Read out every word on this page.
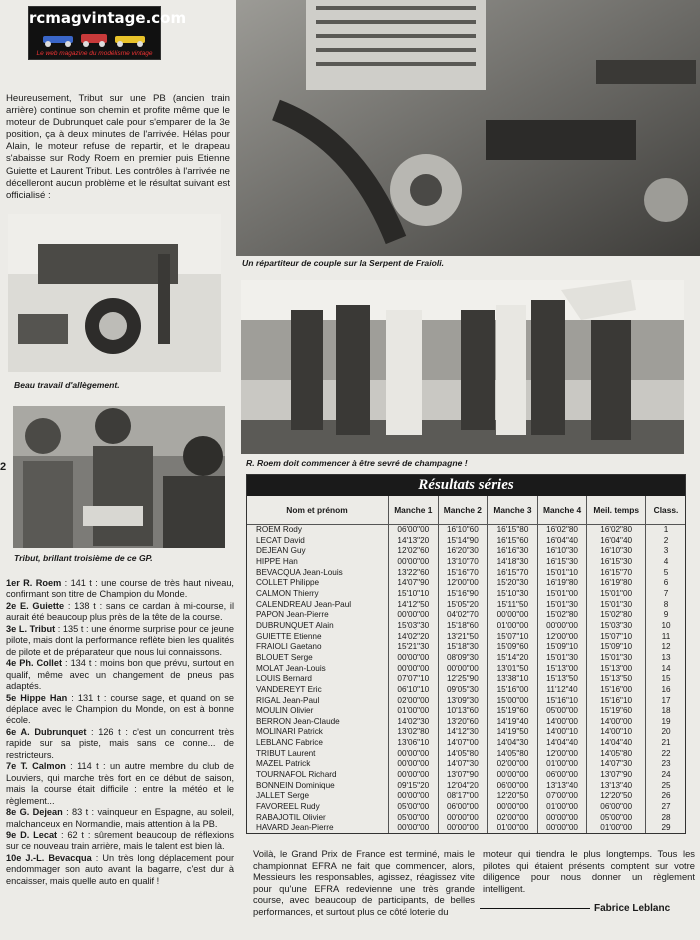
rcmagvintage.com
Le web magazine du modélisme vintage
Heureusement, Tribut sur une PB (ancien train arrière) continue son chemin et profite même que le moteur de Dubrunquet cale pour s'emparer de la 3e position, ça à deux minutes de l'arrivée. Hélas pour Alain, le moteur refuse de repartir, et le drapeau s'abaisse sur Rody Roem en premier puis Etienne Guiette et Laurent Tribut. Les contrôles à l'arrivée ne décelleront aucun problème et le résultat suivant est officialisé :
Un répartiteur de couple sur la Serpent de Fraioli.
Beau travail d'allègement.
R. Roem doit commencer à être sevré de champagne !
Tribut, brillant troisième de ce GP.
2

1er R. Roem : 141 t : une course de très haut niveau, confirmant son titre de Champion du Monde.

2e E. Guiette : 138 t : sans ce cardan à mi-course, il aurait été beaucoup plus près de la tête de la course.

3e L. Tribut : 135 t : une énorme surprise pour ce jeune pilote, mais dont la performance reflète bien les qualités de pilote et de préparateur que nous lui connaissons.

4e Ph. Collet : 134 t : moins bon que prévu, surtout en qualif, même avec un changement de pneus pas adaptés.

5e Hippe Han : 131 t : course sage, et quand on se déplace avec le Champion du Monde, on est à bonne école.

6e A. Dubrunquet : 126 t : c'est un concurrent très rapide sur sa piste, mais sans ce conne... de restricteurs.

7e T. Calmon : 114 t : un autre membre du club de Louviers, qui marche très fort en ce début de saison, mais la course était difficile : entre la météo et le règlement...

8e G. Dejean : 83 t : vainqueur en Espagne, au soleil, malchanceux en Normandie, mais attention à la PB.

9e D. Lecat : 62 t : sûrement beaucoup de réflexions sur ce nouveau train arrière, mais le talent est bien là.

10e J.-L. Bevacqua : Un très long déplacement pour endommager son auto avant la bagarre, c'est dur à encaisser, mais quelle auto en qualif !

Résultats séries
Nom et prénom	Manche 1	Manche 2	Manche 3	Manche 4	Meil. temps	Class.
ROEM Rody	06'00"00	16'10"60	16'15"80	16'02"80	16'02"80	1
LECAT David	14'13"20	15'14"90	16'15"60	16'04"40	16'04"40	2
DEJEAN Guy	12'02"60	16'20"30	16'16"30	16'10"30	16'10"30	3
HIPPE Han	00'00"00	13'10"70	14'18"30	16'15"30	16'15"30	4
BEVACQUA Jean-Louis	13'22"60	15'16"70	16'15"70	15'01"10	16'15"70	5
COLLET Philippe	14'07"90	12'00"00	15'20"30	16'19"80	16'19"80	6
CALMON Thierry	15'10"10	15'16"90	15'10"30	15'01"00	15'01"00	7
CALENDREAU Jean-Paul	14'12"50	15'05"20	15'11"50	15'01"30	15'01"30	8
PAPON Jean-Pierre	00'00"00	04'02"70	00'00"00	15'02"80	15'02"80	9
DUBRUNQUET Alain	15'03"30	15'18"60	01'00"00	00'00"00	15'03"30	10
GUIETTE Etienne	14'02"20	13'21"50	15'07"10	12'00"00	15'07"10	11
FRAIOLI Gaetano	15'21"30	15'18"30	15'09"60	15'09"10	15'09"10	12
BLOUET Serge	00'00"00	08'09"30	15'14"20	15'01"30	15'01"30	13
MOLAT Jean-Louis	00'00"00	00'00"00	13'01"50	15'13"00	15'13"00	14
LOUIS Bernard	07'07"10	12'25"90	13'38"10	15'13"50	15'13"50	15
VANDEREYT Eric	06'10"10	09'05"30	15'16"00	11'12"40	15'16"00	16
RIGAL Jean-Paul	02'00"00	13'09"30	15'00"00	15'16"10	15'16"10	17
MOULIN Olivier	01'00"00	10'13"60	15'19"60	05'00"00	15'19"60	18
BERRON Jean-Claude	14'02"30	13'20"60	14'19"40	14'00"00	14'00"00	19
MOLINARI Patrick	13'02"80	14'12"30	14'19"50	14'00"10	14'00"10	20
LEBLANC Fabrice	13'06"10	14'07"00	14'04"30	14'04"40	14'04"40	21
TRIBUT Laurent	00'00"00	14'05"80	14'05"80	12'00"00	14'05"80	22
MAZEL Patrick	00'00"00	14'07"30	02'00"00	01'00"00	14'07"30	23
TOURNAFOL Richard	00'00"00	13'07"90	00'00"00	06'00"00	13'07"90	24
BONNEIN Dominique	09'15"20	12'04"20	06'00"00	13'13"40	13'13"40	25
JALLET Serge	00'00"00	08'17"00	12'20"50	07'00"00	12'20"50	26
FAVOREEL Rudy	05'00"00	06'00"00	00'00"00	01'00"00	06'00"00	27
RABAJOTIL Olivier	05'00"00	00'00"00	02'00"00	00'00"00	05'00"00	28
HAVARD Jean-Pierre	00'00"00	00'00"00	01'00"00	00'00"00	01'00"00	29
Voilà, le Grand Prix de France est terminé, mais le championnat EFRA ne fait que commencer, alors, Messieurs les responsables, agissez, réagissez vite pour qu'une EFRA redevienne une très grande course, avec beaucoup de participants, de belles performances, et surtout plus ce côté loterie du
moteur qui tiendra le plus longtemps. Tous les pilotes qui étaient présents comptent sur votre diligence pour nous donner un règlement intelligent.
Fabrice Leblanc
